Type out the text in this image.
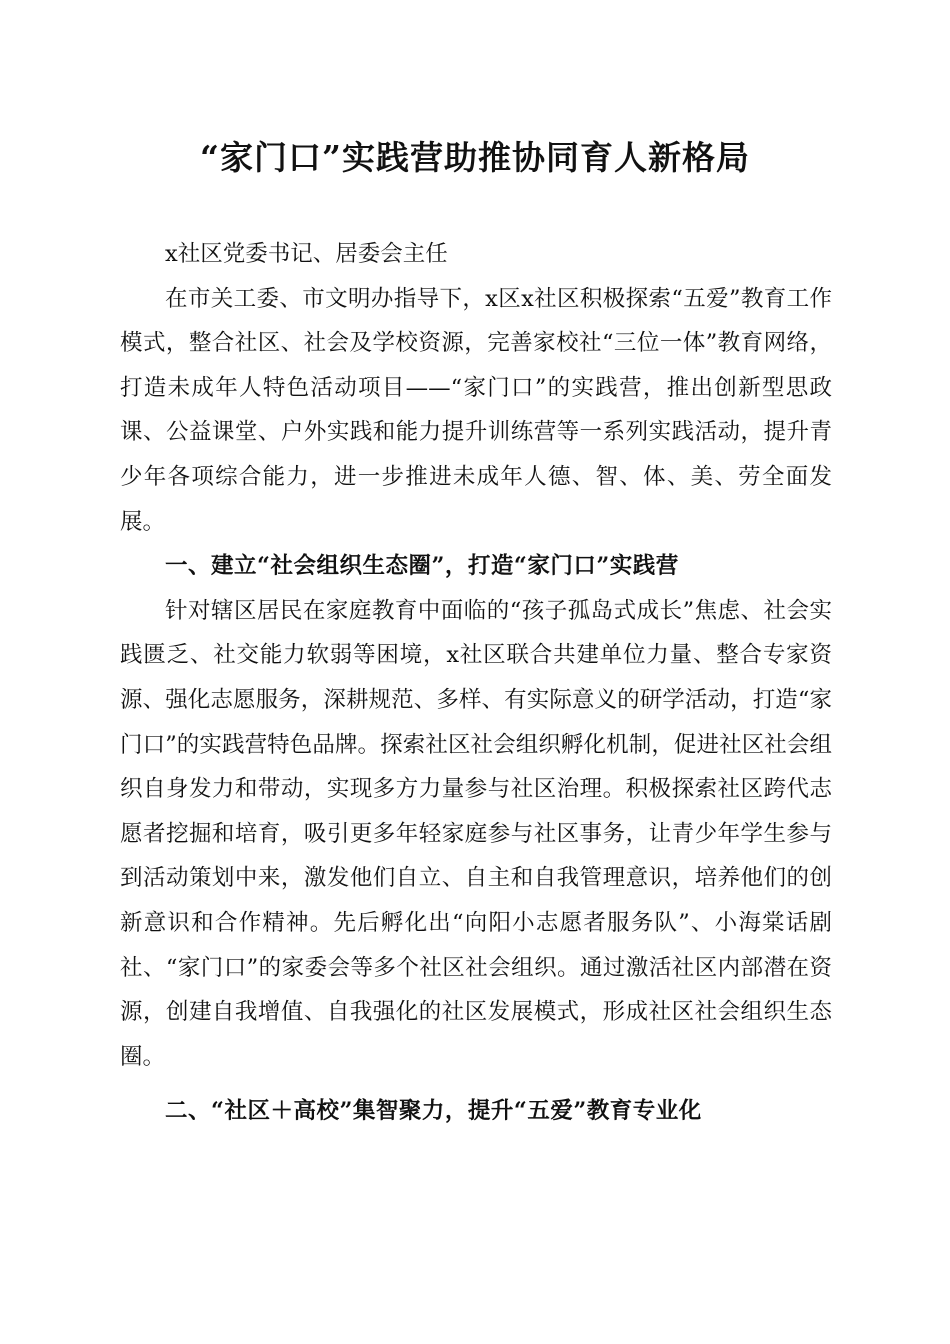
“家门口”实践营助推协同育人新格局

x社区党委书记、居委会主任

在市关工委、市文明办指导下，x区x社区积极探索“五爱”教育工作模式，整合社区、社会及学校资源，完善家校社“三位一体”教育网络，打造未成年人特色活动项目——“家门口”的实践营，推出创新型思政课、公益课堂、户外实践和能力提升训练营等一系列实践活动，提升青少年各项综合能力，进一步推进未成年人德、智、体、美、劳全面发展。

一、建立“社会组织生态圈”，打造“家门口”实践营

针对辖区居民在家庭教育中面临的“孩子孤岛式成长”焦虑、社会实践匮乏、社交能力软弱等困境，x社区联合共建单位力量、整合专家资源、强化志愿服务，深耕规范、多样、有实际意义的研学活动，打造“家门口”的实践营特色品牌。探索社区社会组织孵化机制，促进社区社会组织自身发力和带动，实现多方力量参与社区治理。积极探索社区跨代志愿者挖掘和培育，吸引更多年轻家庭参与社区事务，让青少年学生参与到活动策划中来，激发他们自立、自主和自我管理意识，培养他们的创新意识和合作精神。先后孵化出“向阳小志愿者服务队”、小海棠话剧社、“家门口”的家委会等多个社区社会组织。通过激活社区内部潜在资源，创建自我增值、自我强化的社区发展模式，形成社区社会组织生态圈。

二、“社区＋高校”集智聚力，提升“五爱”教育专业化
